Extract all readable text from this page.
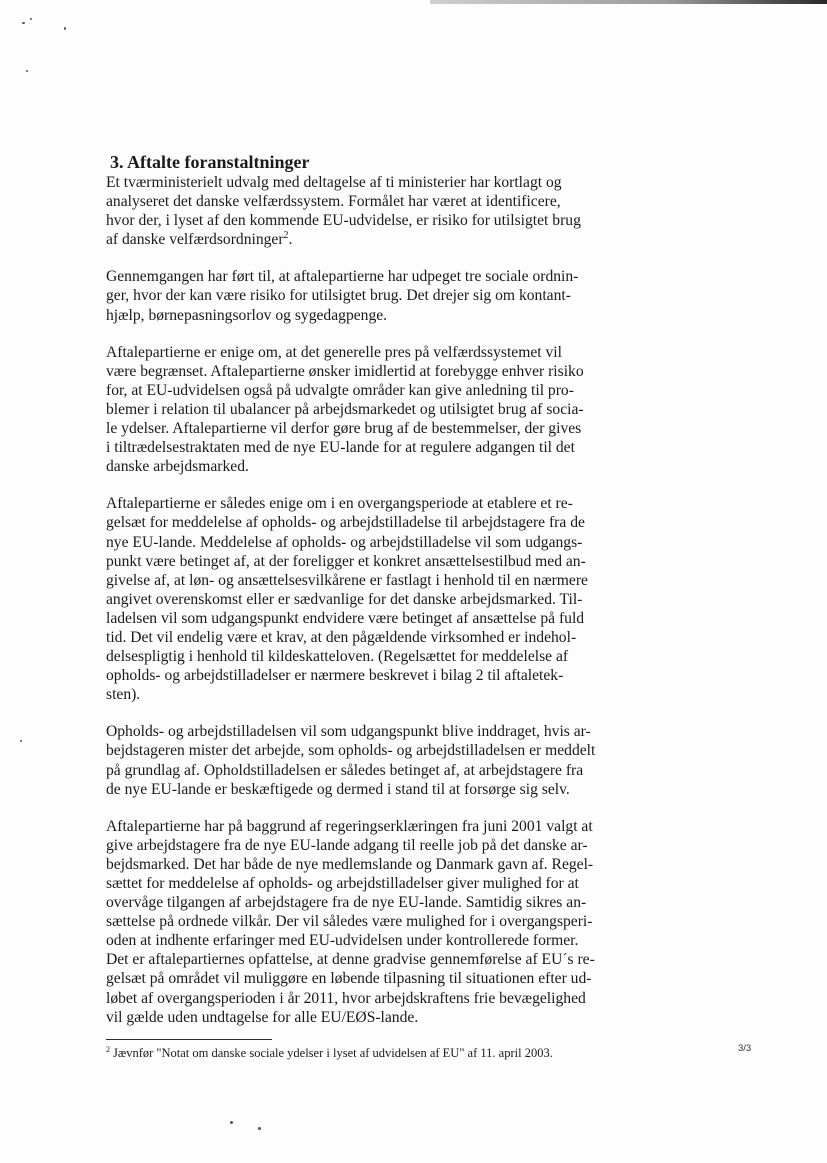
3. Aftalte foranstaltninger

Et tværministerielt udvalg med deltagelse af ti ministerier har kortlagt og
analyseret det danske velfærdssystem. Formålet har været at identificere,
hvor der, i lyset af den kommende EU-udvidelse, er risiko for utilsigtet brug
af danske velfærdsordninger$^2$.

Gennemgangen har ført til, at aftalepartierne har udpeget tre sociale ordnin-
ger, hvor der kan være risiko for utilsigtet brug. Det drejer sig om kontant-
hjælp, børnepasningsorlov og sygedagpenge.

Aftalepartierne er enige om, at det generelle pres på velfærdssystemet vil
være begrænset. Aftalepartierne ønsker imidlertid at forebygge enhver risiko
for, at EU-udvidelsen også på udvalgte områder kan give anledning til pro-
blemer i relation til ubalancer på arbejdsmarkedet og utilsigtet brug af socia-
le ydelser. Aftalepartierne vil derfor gøre brug af de bestemmelser, der gives
i tiltrædelsestraktaten med de nye EU-lande for at regulere adgangen til det
danske arbejdsmarked.

Aftalepartierne er således enige om i en overgangsperiode at etablere et re-
gelsæt for meddelelse af opholds- og arbejdstilladelse til arbejdstagere fra de
nye EU-lande. Meddelelse af opholds- og arbejdstilladelse vil som udgangs-
punkt være betinget af, at der foreligger et konkret ansættelsestilbud med an-
givelse af, at løn- og ansættelsesvilkårene er fastlagt i henhold til en nærmere
angivet overenskomst eller er sædvanlige for det danske arbejdsmarked. Til-
ladelsen vil som udgangspunkt endvidere være betinget af ansættelse på fuld
tid. Det vil endelig være et krav, at den pågældende virksomhed er indehol-
delsespligtig i henhold til kildeskatteloven. (Regelsættet for meddelelse af
opholds- og arbejdstilladelser er nærmere beskrevet i bilag 2 til aftaletek-
sten).

Opholds- og arbejdstilladelsen vil som udgangspunkt blive inddraget, hvis ar-
bejdstageren mister det arbejde, som opholds- og arbejdstilladelsen er meddelt
på grundlag af. Opholdstilladelsen er således betinget af, at arbejdstagere fra
de nye EU-lande er beskæftigede og dermed i stand til at forsørge sig selv.

Aftalepartierne har på baggrund af regeringserklæringen fra juni 2001 valgt at
give arbejdstagere fra de nye EU-lande adgang til reelle job på det danske ar-
bejdsmarked. Det har både de nye medlemslande og Danmark gavn af. Regel-
sættet for meddelelse af opholds- og arbejdstilladelser giver mulighed for at
overvåge tilgangen af arbejdstagere fra de nye EU-lande. Samtidig sikres an-
sættelse på ordnede vilkår. Der vil således være mulighed for i overgangsperi-
oden at indhente erfaringer med EU-udvidelsen under kontrollerede former.
Det er aftalepartiernes opfattelse, at denne gradvise gennemførelse af EU´s re-
gelsæt på området vil muliggøre en løbende tilpasning til situationen efter ud-
løbet af overgangsperioden i år 2011, hvor arbejdskraftens frie bevægelighed
vil gælde uden undtagelse for alle EU/EØS-lande.

$^2$ Jævnfør "Notat om danske sociale ydelser i lyset af udvidelsen af EU" af 11. april 2003.	3/3
